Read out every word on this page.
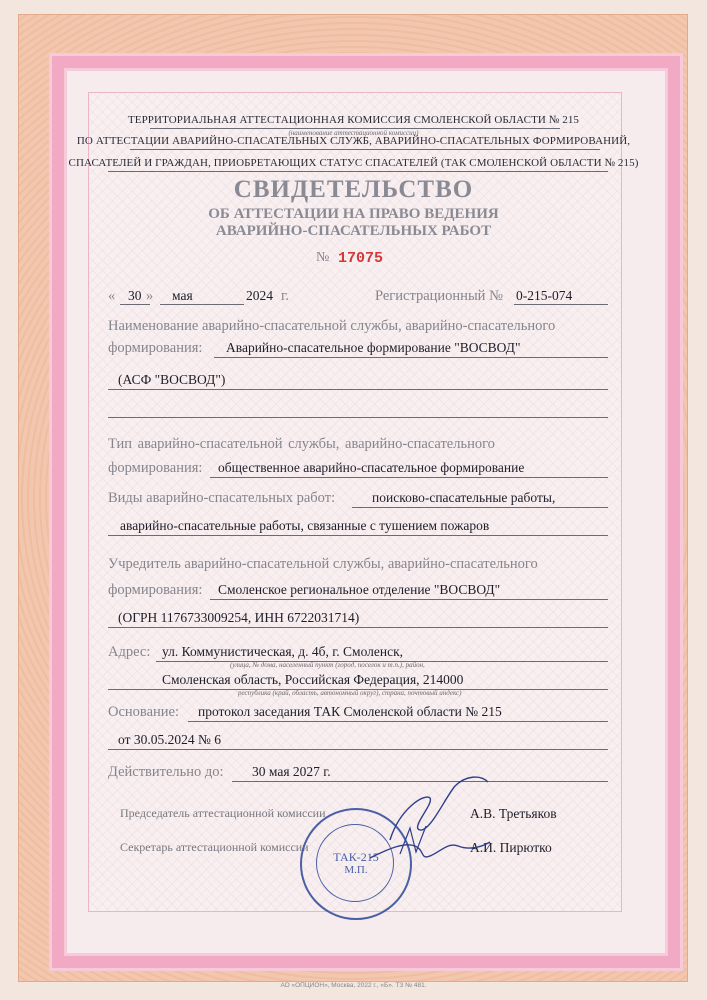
ТЕРРИТОРИАЛЬНАЯ АТТЕСТАЦИОННАЯ КОМИССИЯ СМОЛЕНСКОЙ ОБЛАСТИ № 215
(наименование аттестационной комиссии)
ПО АТТЕСТАЦИИ АВАРИЙНО-СПАСАТЕЛЬНЫХ СЛУЖБ, АВАРИЙНО-СПАСАТЕЛЬНЫХ ФОРМИРОВАНИЙ,
СПАСАТЕЛЕЙ И ГРАЖДАН, ПРИОБРЕТАЮЩИХ СТАТУС СПАСАТЕЛЕЙ (ТАК СМОЛЕНСКОЙ ОБЛАСТИ № 215)
СВИДЕТЕЛЬСТВО
ОБ АТТЕСТАЦИИ НА ПРАВО ВЕДЕНИЯ
АВАРИЙНО-СПАСАТЕЛЬНЫХ РАБОТ
№ 17075
« 30 » мая	2024 г.	Регистрационный № 0-215-074
Наименование аварийно-спасательной службы, аварийно-спасательного
формирования: Аварийно-спасательное формирование "ВОСВОД"
(АСФ "ВОСВОД")
Тип аварийно-спасательной службы, аварийно-спасательного
формирования: общественное аварийно-спасательное формирование
Виды аварийно-спасательных работ:	поисково-спасательные работы,
аварийно-спасательные работы, связанные с тушением пожаров
Учредитель аварийно-спасательной службы, аварийно-спасательного
формирования: Смоленское региональное отделение "ВОСВОД"
(ОГРН 1176733009254, ИНН 6722031714)
Адрес: ул. Коммунистическая, д. 4б, г. Смоленск,
(улица, № дома, населенный пункт (город, поселок и т.п.), район,
Смоленская область, Российская Федерация, 214000
республика (край, область, автономный округ), страна, почтовый индекс)
Основание: протокол заседания ТАК Смоленской области № 215
от 30.05.2024 № 6
Действительно до: 30 мая 2027 г.
Председатель аттестационной комиссии	А.В. Третьяков
Секретарь аттестационной комиссии	А.И. Пирютко
ТАК-215
М.П.
АО «ОПЦИОН», Москва, 2022 г., «Б». ТЗ № 481.
